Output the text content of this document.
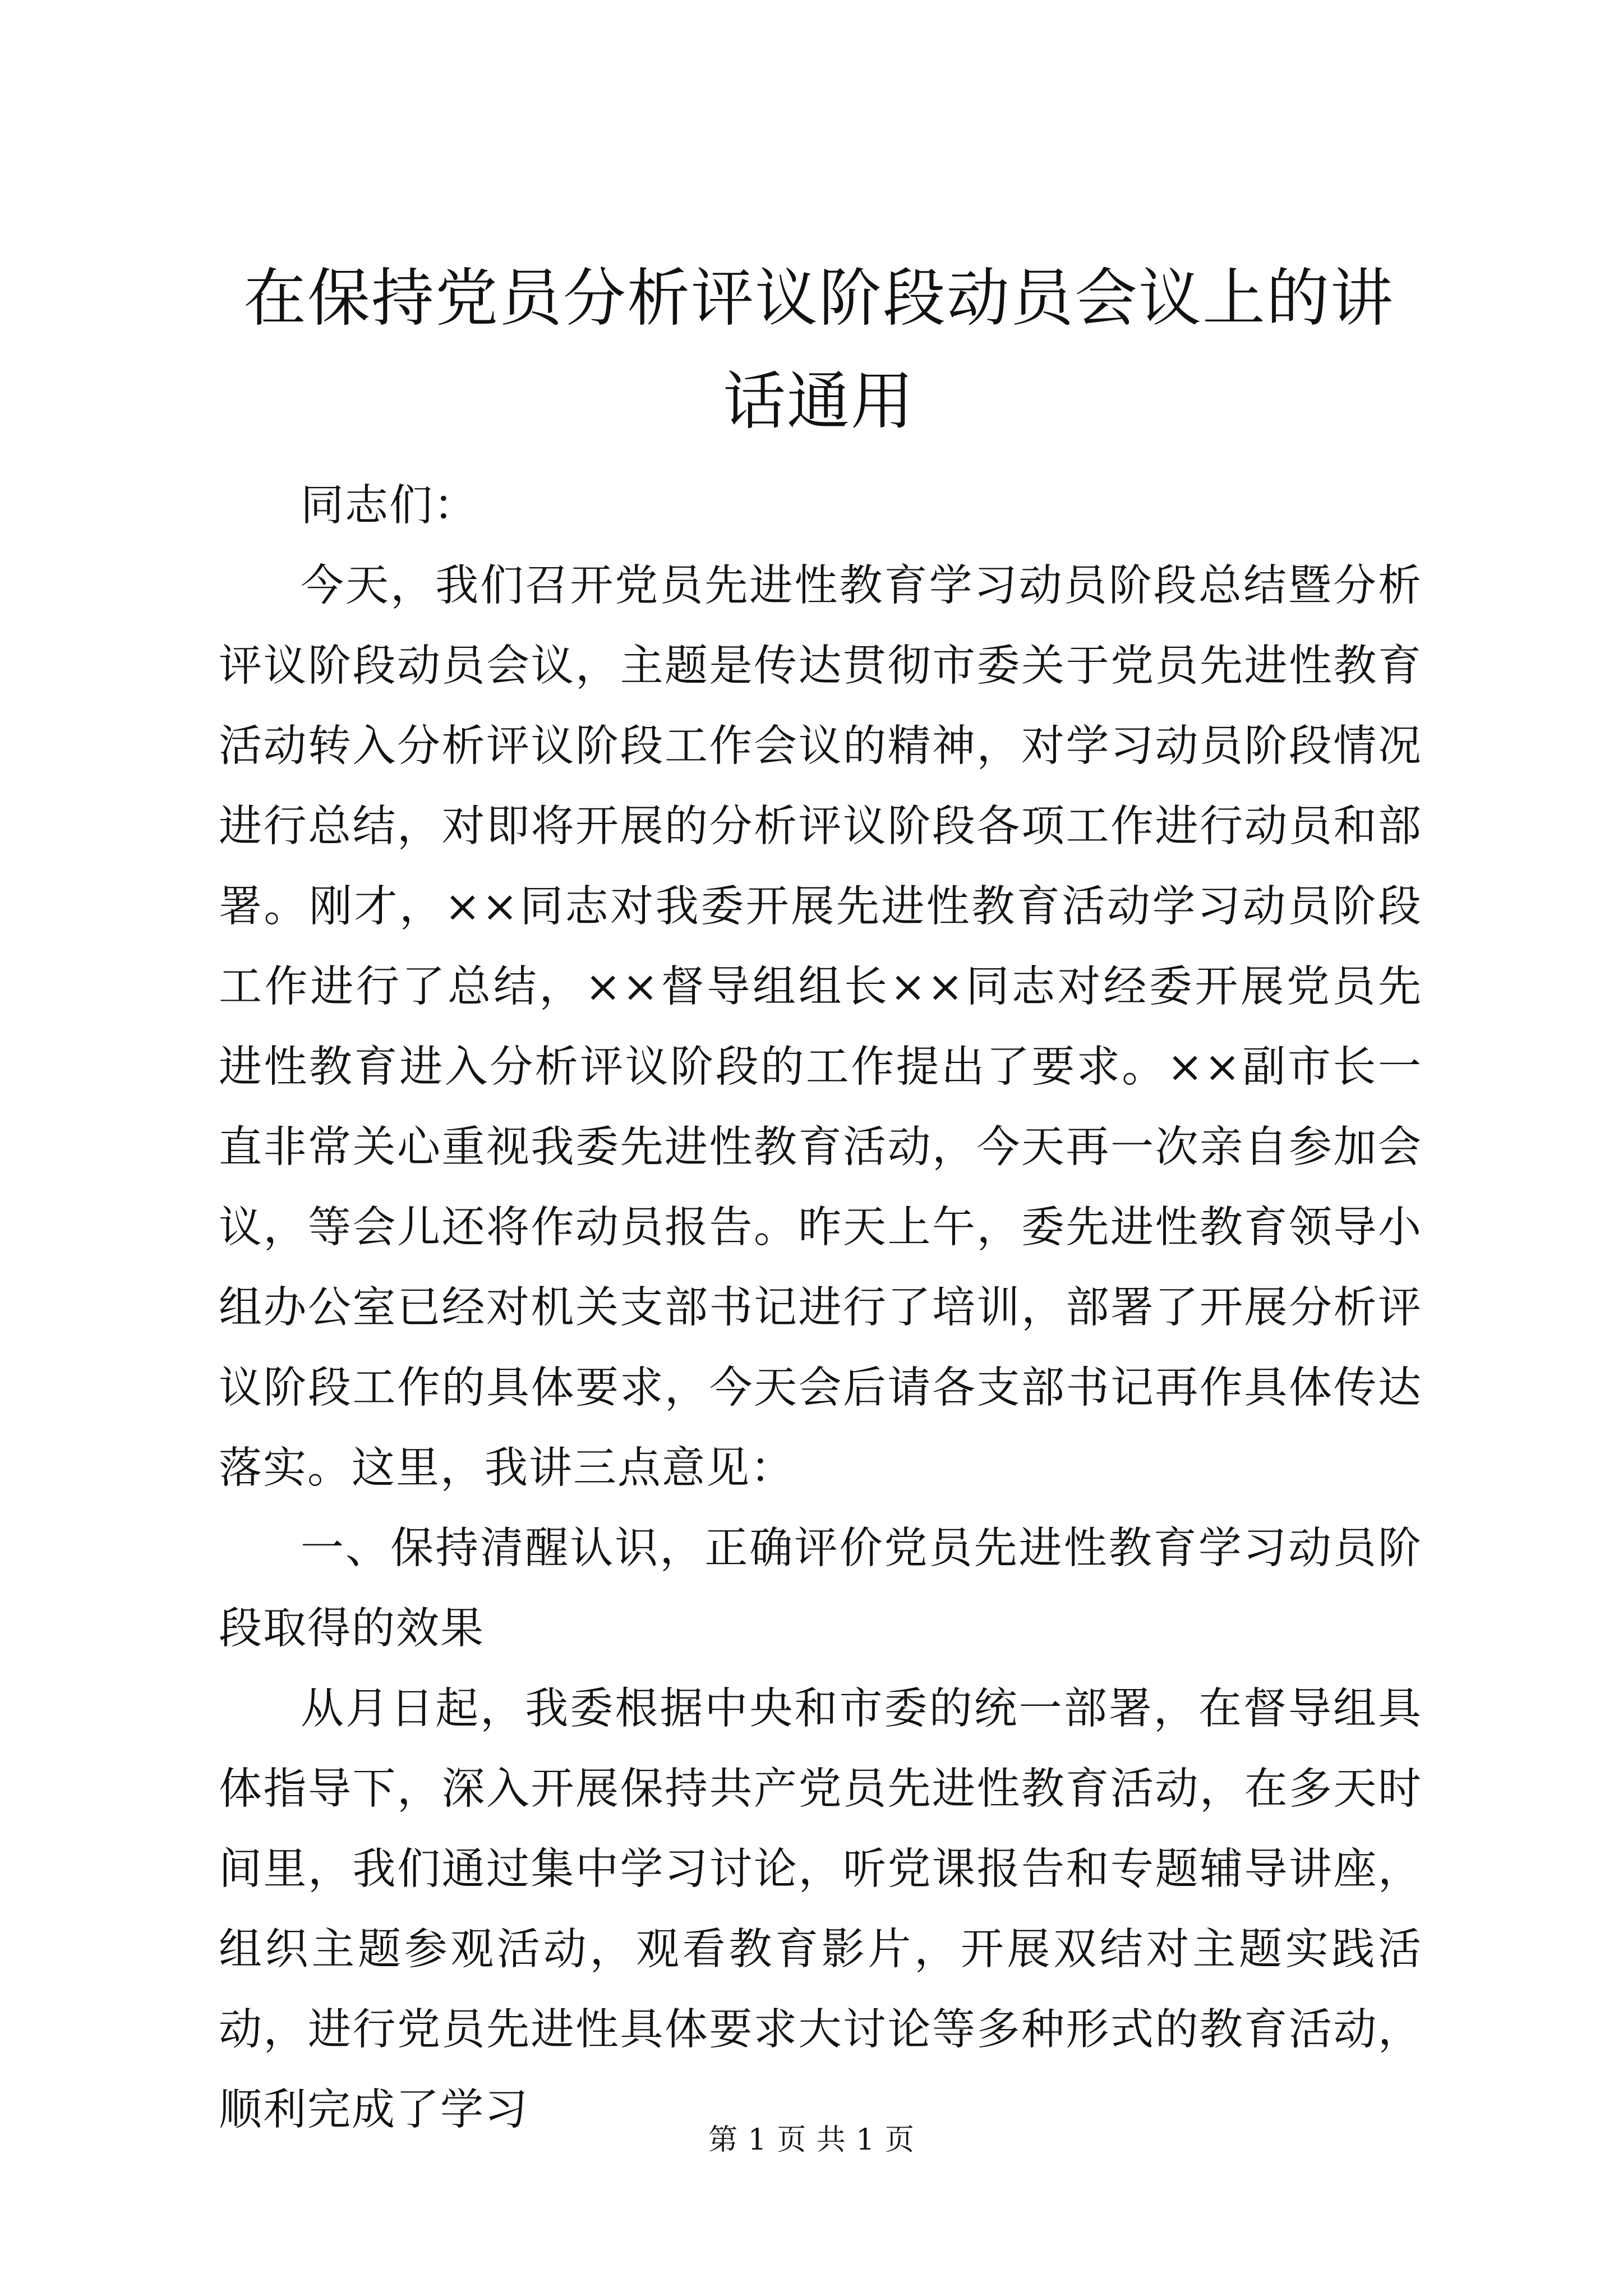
在保持党员分析评议阶段动员会议上的讲话通用

同志们：

今天，我们召开党员先进性教育学习动员阶段总结暨分析评议阶段动员会议，主题是传达贯彻市委关于党员先进性教育活动转入分析评议阶段工作会议的精神，对学习动员阶段情况进行总结，对即将开展的分析评议阶段各项工作进行动员和部署。刚才，××同志对我委开展先进性教育活动学习动员阶段工作进行了总结，××督导组组长××同志对经委开展党员先进性教育进入分析评议阶段的工作提出了要求。××副市长一直非常关心重视我委先进性教育活动，今天再一次亲自参加会议，等会儿还将作动员报告。昨天上午，委先进性教育领导小组办公室已经对机关支部书记进行了培训，部署了开展分析评议阶段工作的具体要求，今天会后请各支部书记再作具体传达落实。这里，我讲三点意见：

一、保持清醒认识，正确评价党员先进性教育学习动员阶段取得的效果

从月日起，我委根据中央和市委的统一部署，在督导组具体指导下，深入开展保持共产党员先进性教育活动，在多天时间里，我们通过集中学习讨论，听党课报告和专题辅导讲座，组织主题参观活动，观看教育影片，开展双结对主题实践活动，进行党员先进性具体要求大讨论等多种形式的教育活动，顺利完成了学习

第 1 页 共 1 页
